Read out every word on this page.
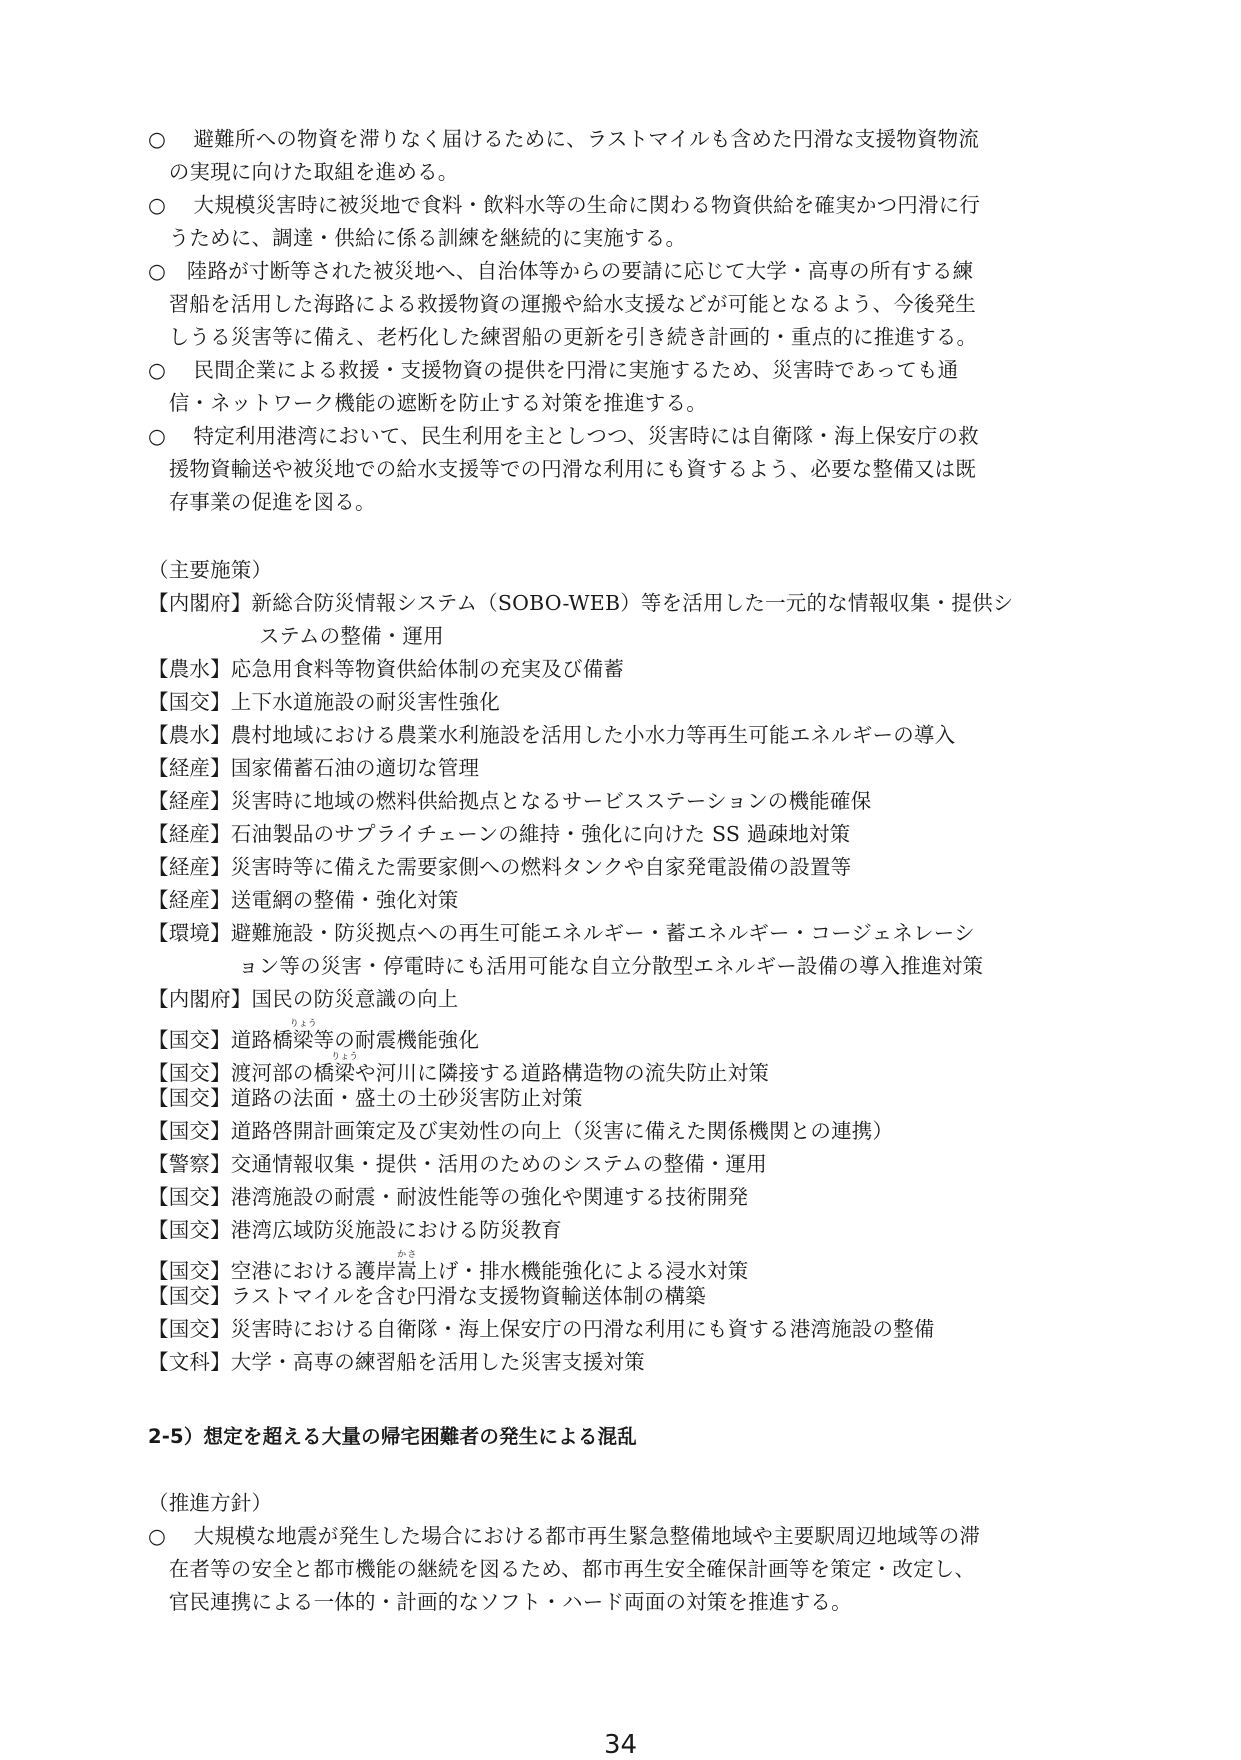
○　 避難所への物資を滞りなく届けるために、ラストマイルも含めた円滑な支援物資物流
　の実現に向けた取組を進める。
○　 大規模災害時に被災地で食料・飲料水等の生命に関わる物資供給を確実かつ円滑に行
　うために、調達・供給に係る訓練を継続的に実施する。
○　陸路が寸断等された被災地へ、自治体等からの要請に応じて大学・高専の所有する練
　習船を活用した海路による救援物資の運搬や給水支援などが可能となるよう、今後発生
　しうる災害等に備え、老朽化した練習船の更新を引き続き計画的・重点的に推進する。
○　 民間企業による救援・支援物資の提供を円滑に実施するため、災害時であっても通
　信・ネットワーク機能の遮断を防止する対策を推進する。
○　 特定利用港湾において、民生利用を主としつつ、災害時には自衛隊・海上保安庁の救
　援物資輸送や被災地での給水支援等での円滑な利用にも資するよう、必要な整備又は既
　存事業の促進を図る。
（主要施策）
【内閣府】新総合防災情報システム（SOBO-WEB）等を活用した一元的な情報収集・提供シ
ステムの整備・運用
【農水】応急用食料等物資供給体制の充実及び備蓄
【国交】上下水道施設の耐災害性強化
【農水】農村地域における農業水利施設を活用した小水力等再生可能エネルギーの導入
【経産】国家備蓄石油の適切な管理
【経産】災害時に地域の燃料供給拠点となるサービスステーションの機能確保
【経産】石油製品のサプライチェーンの維持・強化に向けた SS 過疎地対策
【経産】災害時等に備えた需要家側への燃料タンクや自家発電設備の設置等
【経産】送電網の整備・強化対策
【環境】避難施設・防災拠点への再生可能エネルギー・蓄エネルギー・コージェネレーシ
ョン等の災害・停電時にも活用可能な自立分散型エネルギー設備の導入推進対策
【内閣府】国民の防災意識の向上
【国交】道路橋梁りょう等の耐震機能強化
【国交】渡河部の橋梁りょうや河川に隣接する道路構造物の流失防止対策
【国交】道路の法面・盛土の土砂災害防止対策
【国交】道路啓開計画策定及び実効性の向上（災害に備えた関係機関との連携）
【警察】交通情報収集・提供・活用のためのシステムの整備・運用
【国交】港湾施設の耐震・耐波性能等の強化や関連する技術開発
【国交】港湾広域防災施設における防災教育
【国交】空港における護岸嵩かさ上げ・排水機能強化による浸水対策
【国交】ラストマイルを含む円滑な支援物資輸送体制の構築
【国交】災害時における自衛隊・海上保安庁の円滑な利用にも資する港湾施設の整備
【文科】大学・高専の練習船を活用した災害支援対策
2-5）想定を超える大量の帰宅困難者の発生による混乱
（推進方針）
○　 大規模な地震が発生した場合における都市再生緊急整備地域や主要駅周辺地域等の滞
　在者等の安全と都市機能の継続を図るため、都市再生安全確保計画等を策定・改定し、
　官民連携による一体的・計画的なソフト・ハード両面の対策を推進する。
34
